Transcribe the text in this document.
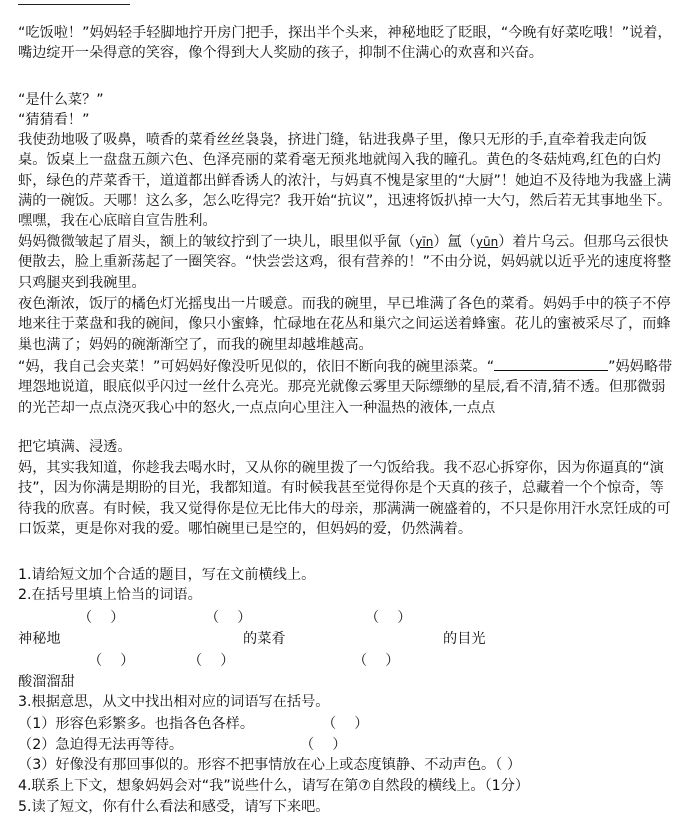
“吃饭啦！”妈妈轻手轻脚地拧开房门把手，探出半个头来，神秘地眨了眨眼，“今晚有好菜吃哦！”说着，嘴边绽开一朵得意的笑容，像个得到大人奖励的孩子，抑制不住满心的欢喜和兴奋。
“是什么菜？”
“猜猜看！”
我使劲地吸了吸鼻，喷香的菜肴丝丝袅袅，挤进门缝，钻进我鼻子里，像只无形的手,直牵着我走向饭桌。饭桌上一盘盘五颜六色、色泽亮丽的菜肴毫无预兆地就闯入我的瞳孔。黄色的冬菇炖鸡,红色的白灼虾，绿色的芹菜香干，道道都出鲜香诱人的浓汁，与妈真不愧是家里的“大厨”！她迫不及待地为我盛上满满的一碗饭。天哪！这么多，怎么吃得完？我开始“抗议”，迅速将饭扒掉一大勺，然后若无其事地坐下。嘿嘿，我在心底暗自宣告胜利。
妈妈微微皱起了眉头，额上的皱纹拧到了一块儿，眼里似乎氤（yīn）氲（yūn）着片乌云。但那乌云很快便散去，脸上重新荡起了一圈笑容。“快尝尝这鸡，很有营养的！”不由分说，妈妈就以近乎光的速度将整只鸡腿夹到我碗里。
夜色渐浓，饭厅的橘色灯光摇曳出一片暖意。而我的碗里，早已堆满了各色的菜肴。妈妈手中的筷子不停地来往于菜盘和我的碗间，像只小蜜蜂，忙碌地在花丛和巢穴之间运送着蜂蜜。花儿的蜜被采尽了，而蜂巢也满了；妈妈的碗渐渐空了，而我的碗里却越堆越高。
“妈，我自己会夹菜！”可妈妈好像没听见似的，依旧不断向我的碗里添菜。“	”妈妈略带埋怨地说道，眼底似乎闪过一丝什么亮光。那亮光就像云雾里天际缥缈的星辰,看不清,猜不透。但那微弱的光芒却一点点浇灭我心中的怒火,一点点向心里注入一种温热的液体,一点点
把它填满、浸透。
妈，其实我知道，你趁我去喝水时，又从你的碗里拨了一勺饭给我。我不忍心拆穿你，因为你逼真的“演技”，因为你满是期盼的目光，我都知道。有时候我甚至觉得你是个天真的孩子，总藏着一个个惊奇，等待我的欣喜。有时候，我又觉得你是位无比伟大的母亲，那满满一碗盛着的，不只是你用汗水烹饪成的可口饭菜，更是你对我的爱。哪怕碗里已是空的，但妈妈的爱，仍然满着。
1.请给短文加个合适的题目，写在文前横线上。
2.在括号里填上恰当的词语。
（    ）	（    ）	（    ）
神秘地	的菜肴	的目光
（    ）	（    ）	（    ）
酸溜溜甜
3.根据意思，从文中找出相对应的词语写在括号。
（1）形容色彩繁多。也指各色各样。	（    ）
（2）急迫得无法再等待。	（    ）
（3）好像没有那回事似的。形容不把事情放在心上或态度镇静、不动声色。（ ）
4.联系上下文，想象妈妈会对“我”说些什么，请写在第⑦自然段的横线上。（1分）
5.读了短文，你有什么看法和感受，请写下来吧。
